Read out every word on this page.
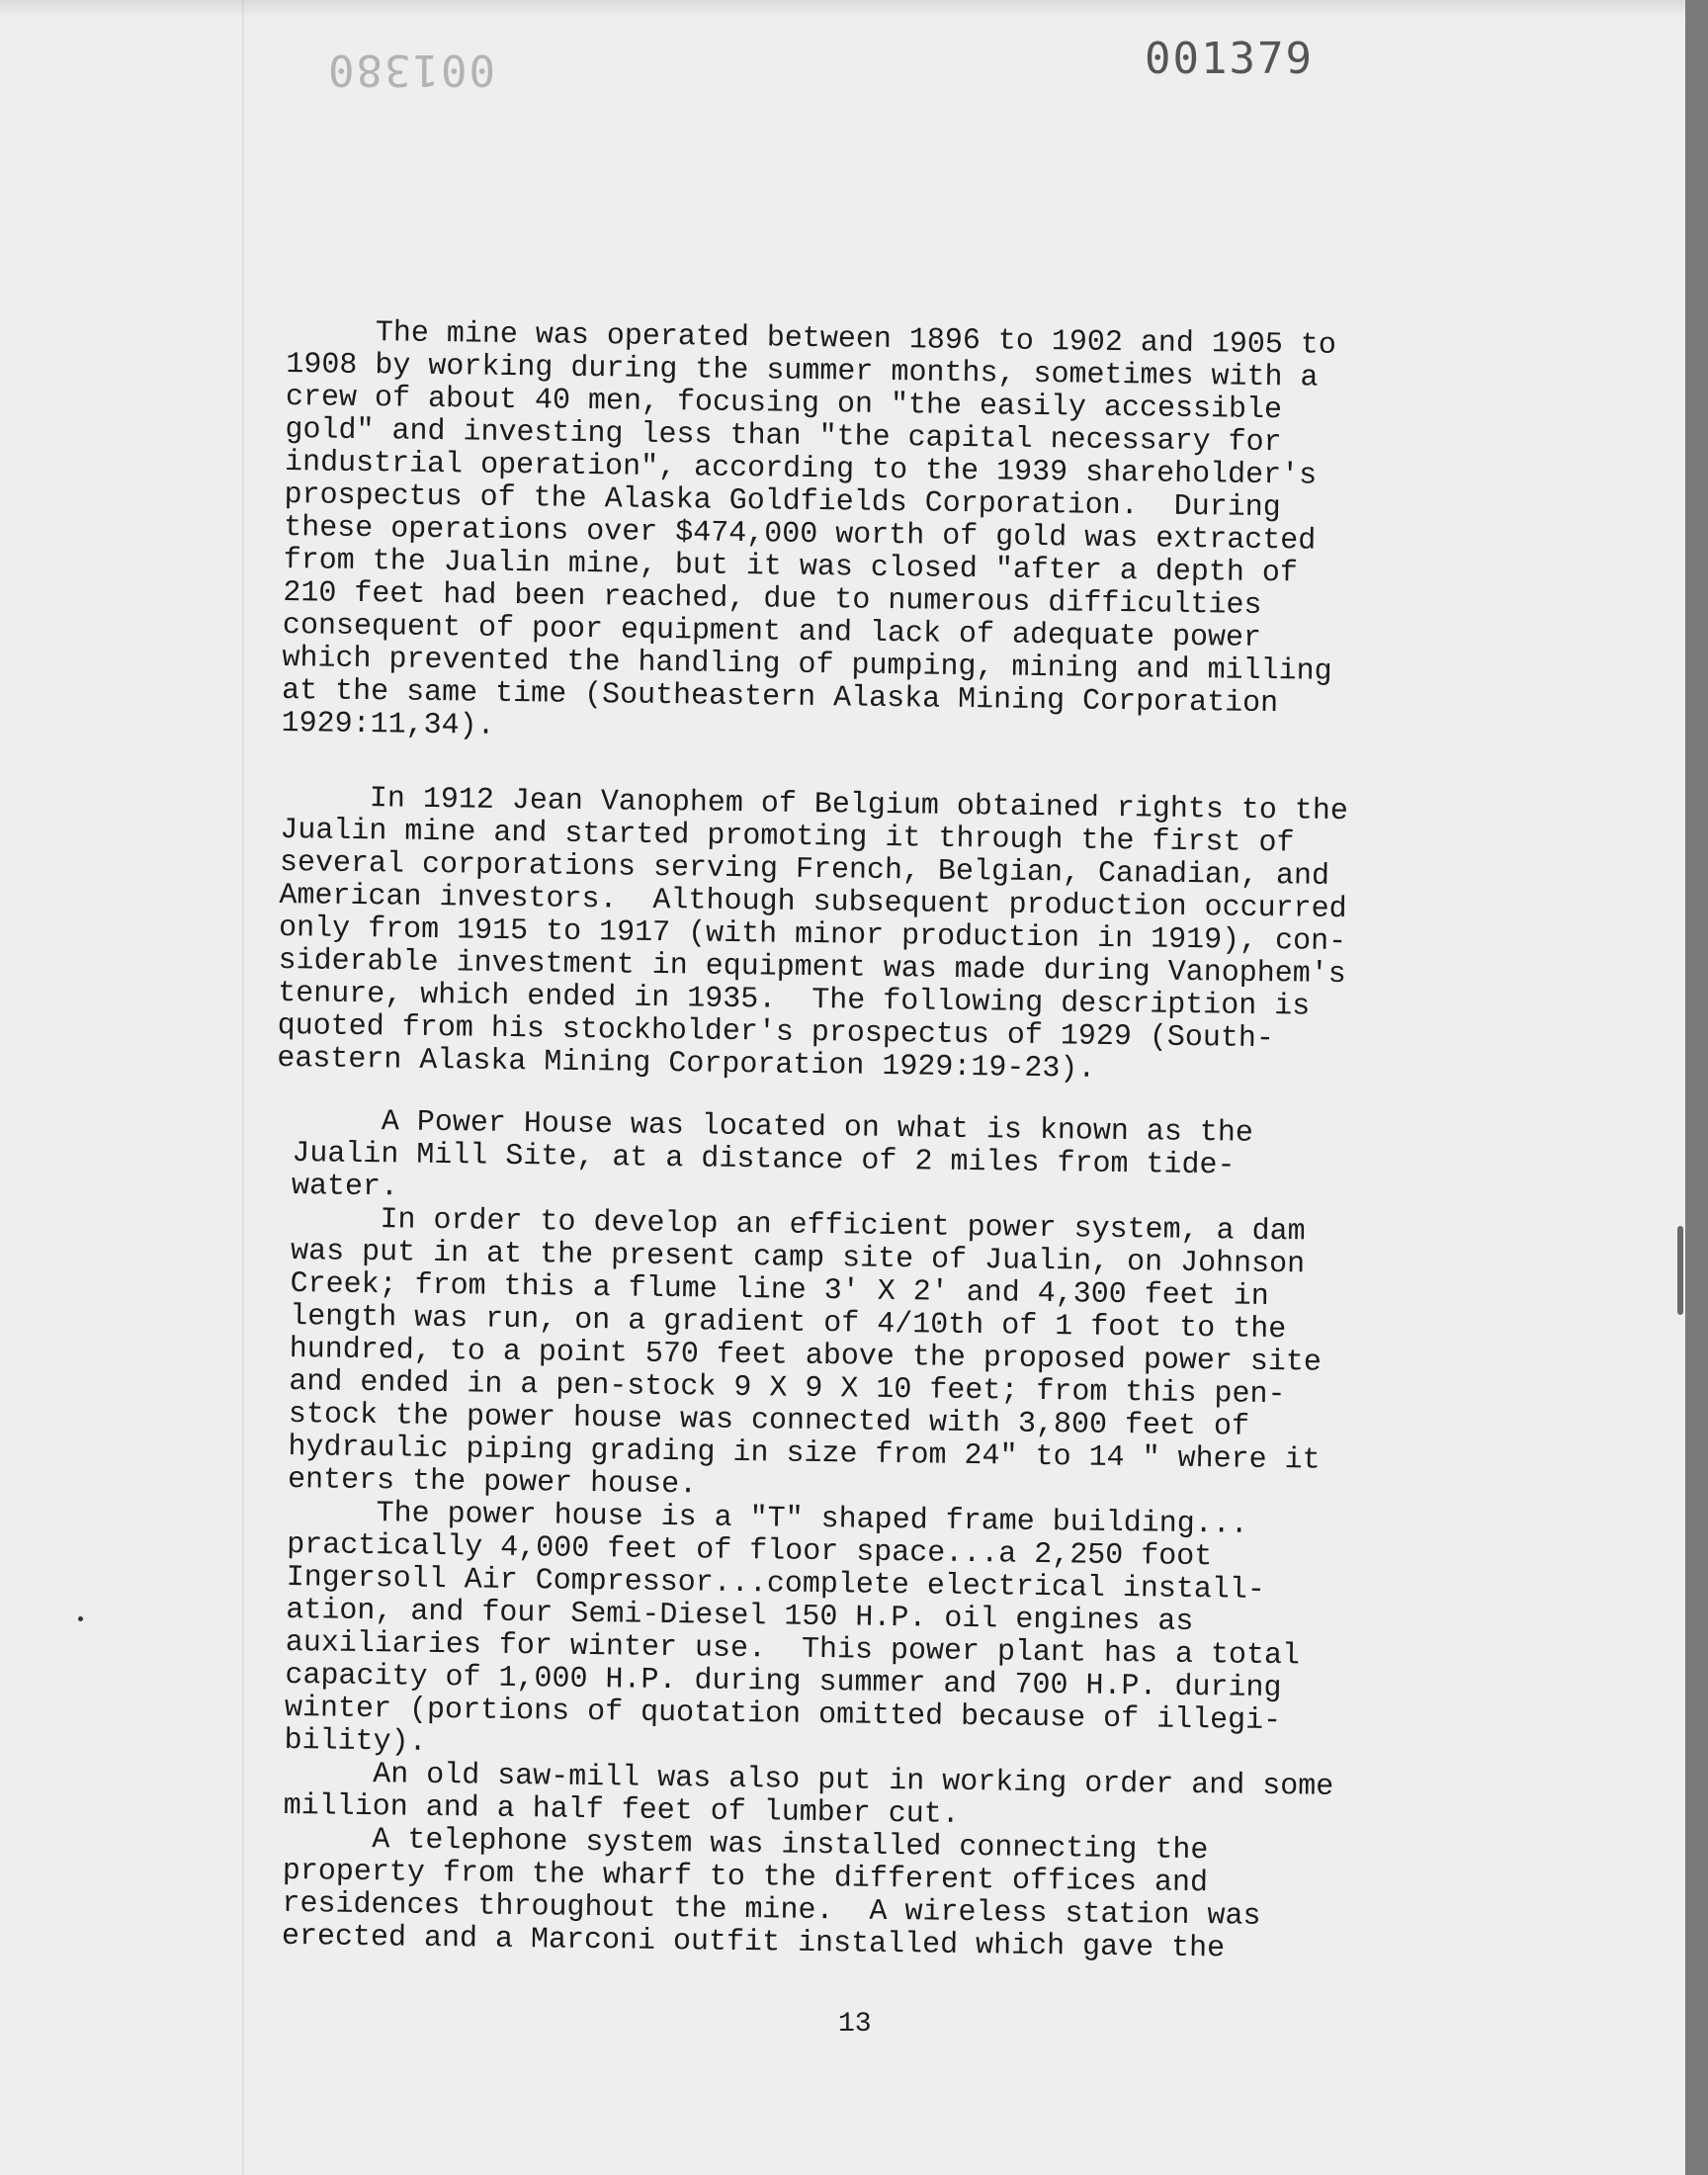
001380	001379
The mine was operated between 1896 to 1902 and 1905 to
1908 by working during the summer months, sometimes with a
crew of about 40 men, focusing on "the easily accessible
gold" and investing less than "the capital necessary for
industrial operation", according to the 1939 shareholder's
prospectus of the Alaska Goldfields Corporation.  During
these operations over $474,000 worth of gold was extracted
from the Jualin mine, but it was closed "after a depth of
210 feet had been reached, due to numerous difficulties
consequent of poor equipment and lack of adequate power
which prevented the handling of pumping, mining and milling
at the same time (Southeastern Alaska Mining Corporation
1929:11,34).
In 1912 Jean Vanophem of Belgium obtained rights to the
Jualin mine and started promoting it through the first of
several corporations serving French, Belgian, Canadian, and
American investors.  Although subsequent production occurred
only from 1915 to 1917 (with minor production in 1919), con-
siderable investment in equipment was made during Vanophem's
tenure, which ended in 1935.  The following description is
quoted from his stockholder's prospectus of 1929 (South-
eastern Alaska Mining Corporation 1929:19-23).
A Power House was located on what is known as the
Jualin Mill Site, at a distance of 2 miles from tide-
water.
In order to develop an efficient power system, a dam
was put in at the present camp site of Jualin, on Johnson
Creek; from this a flume line 3' X 2' and 4,300 feet in
length was run, on a gradient of 4/10th of 1 foot to the
hundred, to a point 570 feet above the proposed power site
and ended in a pen-stock 9 X 9 X 10 feet; from this pen-
stock the power house was connected with 3,800 feet of
hydraulic piping grading in size from 24" to 14 " where it
enters the power house.
The power house is a "T" shaped frame building...
practically 4,000 feet of floor space...a 2,250 foot
Ingersoll Air Compressor...complete electrical install-
ation, and four Semi-Diesel 150 H.P. oil engines as
auxiliaries for winter use.  This power plant has a total
capacity of 1,000 H.P. during summer and 700 H.P. during
winter (portions of quotation omitted because of illegi-
bility).
An old saw-mill was also put in working order and some
million and a half feet of lumber cut.
A telephone system was installed connecting the
property from the wharf to the different offices and
residences throughout the mine.  A wireless station was
erected and a Marconi outfit installed which gave the
13
